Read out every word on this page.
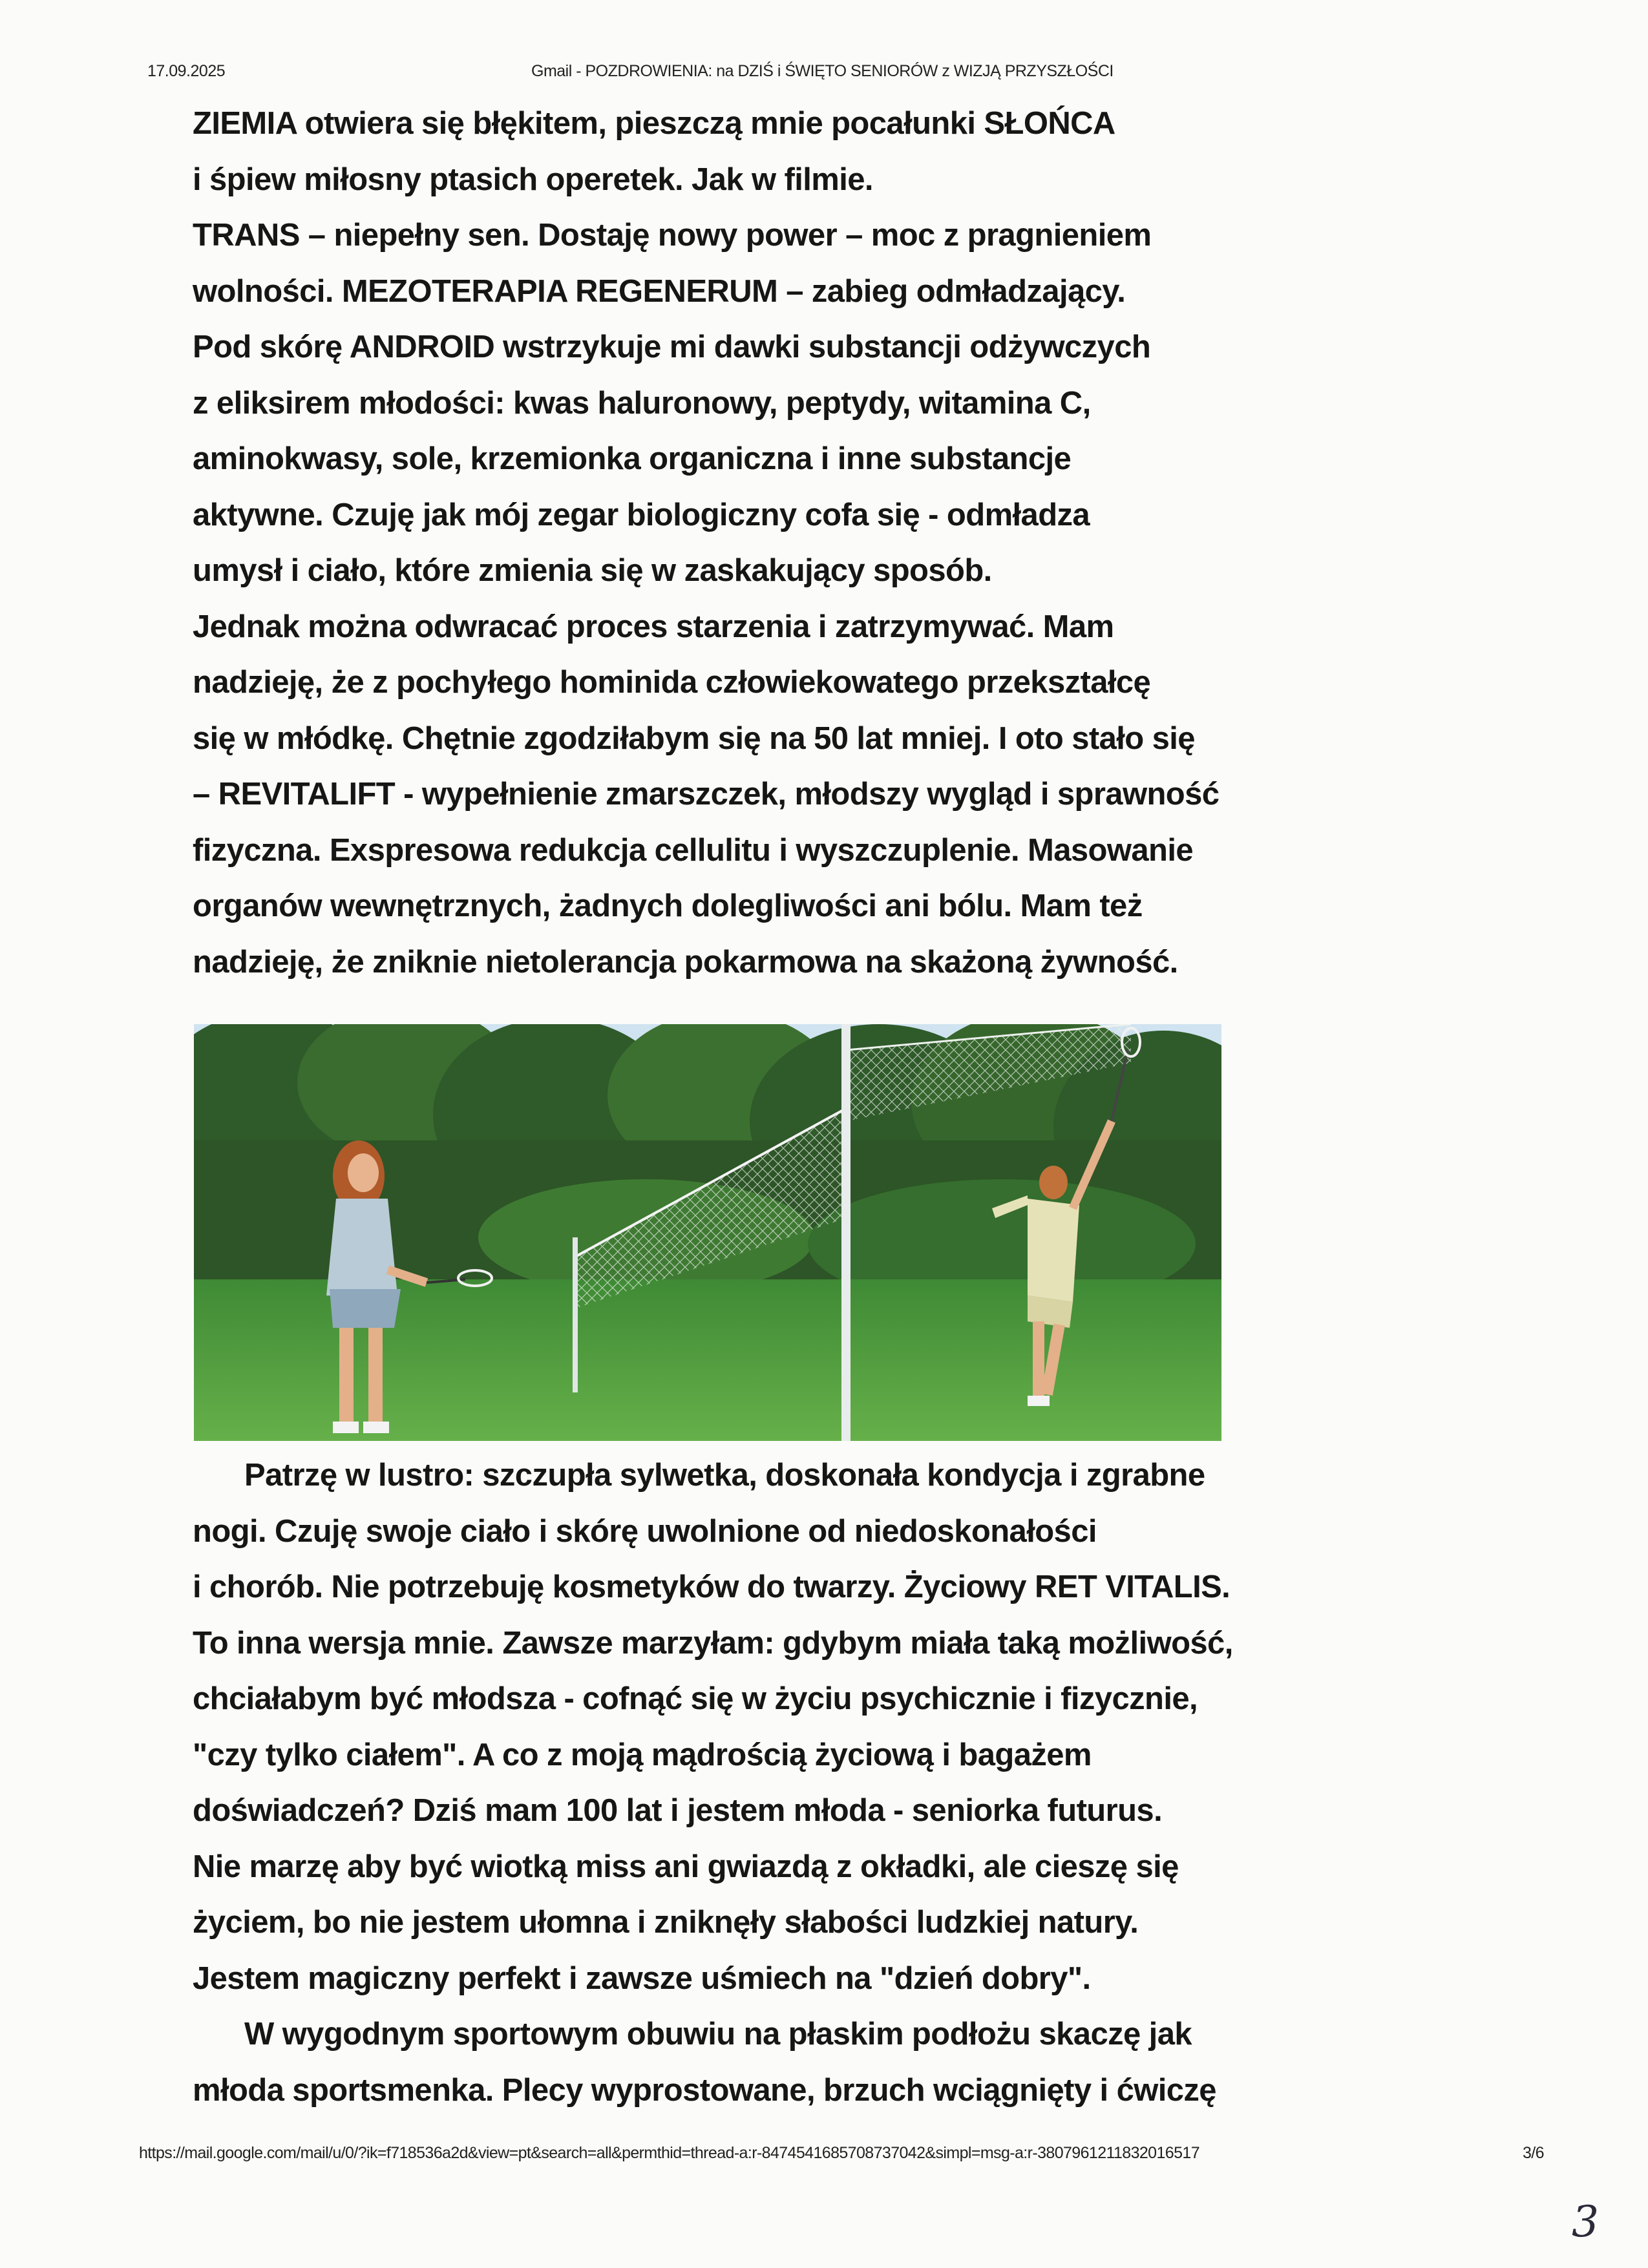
17.09.2025	Gmail - POZDROWIENIA: na DZIŚ i ŚWIĘTO SENIORÓW z WIZJĄ PRZYSZŁOŚCI
ZIEMIA otwiera się błękitem, pieszczą mnie pocałunki SŁOŃCA
i śpiew miłosny ptasich operetek. Jak w filmie.
TRANS – niepełny sen. Dostaję nowy power – moc z pragnieniem
wolności. MEZOTERAPIA REGENERUM – zabieg odmładzający.
Pod skórę ANDROID wstrzykuje mi dawki substancji odżywczych
z eliksirem młodości: kwas haluronowy, peptydy, witamina C,
aminokwasy, sole, krzemionka organiczna i inne substancje
aktywne. Czuję jak mój zegar biologiczny cofa się - odmładza
umysł i ciało, które zmienia się w zaskakujący sposób.
Jednak można odwracać proces starzenia i zatrzymywać. Mam
nadzieję, że z pochyłego hominida człowiekowatego przekształcę
się w młódkę. Chętnie zgodziłabym się na 50 lat mniej. I oto stało się
– REVITALIFT - wypełnienie zmarszczek, młodszy wygląd i sprawność
fizyczna. Exspresowa redukcja cellulitu i wyszczuplenie. Masowanie
organów wewnętrznych, żadnych dolegliwości ani bólu. Mam też
nadzieję, że zniknie nietolerancja pokarmowa na skażoną żywność.
Patrzę w lustro: szczupła sylwetka, doskonała kondycja i zgrabne
nogi. Czuję swoje ciało i skórę uwolnione od niedoskonałości
i chorób. Nie potrzebuję kosmetyków do twarzy. Życiowy RET VITALIS.
To inna wersja mnie. Zawsze marzyłam: gdybym miała taką możliwość,
chciałabym być młodsza - cofnąć się w życiu psychicznie i fizycznie,
"czy tylko ciałem". A co z moją mądrością życiową i bagażem
doświadczeń? Dziś mam 100 lat i jestem młoda - seniorka futurus.
Nie marzę aby być wiotką miss ani gwiazdą z okładki, ale cieszę się
życiem, bo nie jestem ułomna i zniknęły słabości ludzkiej natury.
Jestem magiczny perfekt i zawsze uśmiech na "dzień dobry".
W wygodnym sportowym obuwiu na płaskim podłożu skaczę jak
młoda sportsmenka. Plecy wyprostowane, brzuch wciągnięty i ćwiczę
https://mail.google.com/mail/u/0/?ik=f718536a2d&view=pt&search=all&permthid=thread-a:r-8474541685708737042&simpl=msg-a:r-3807961211832016517	3/6
3
